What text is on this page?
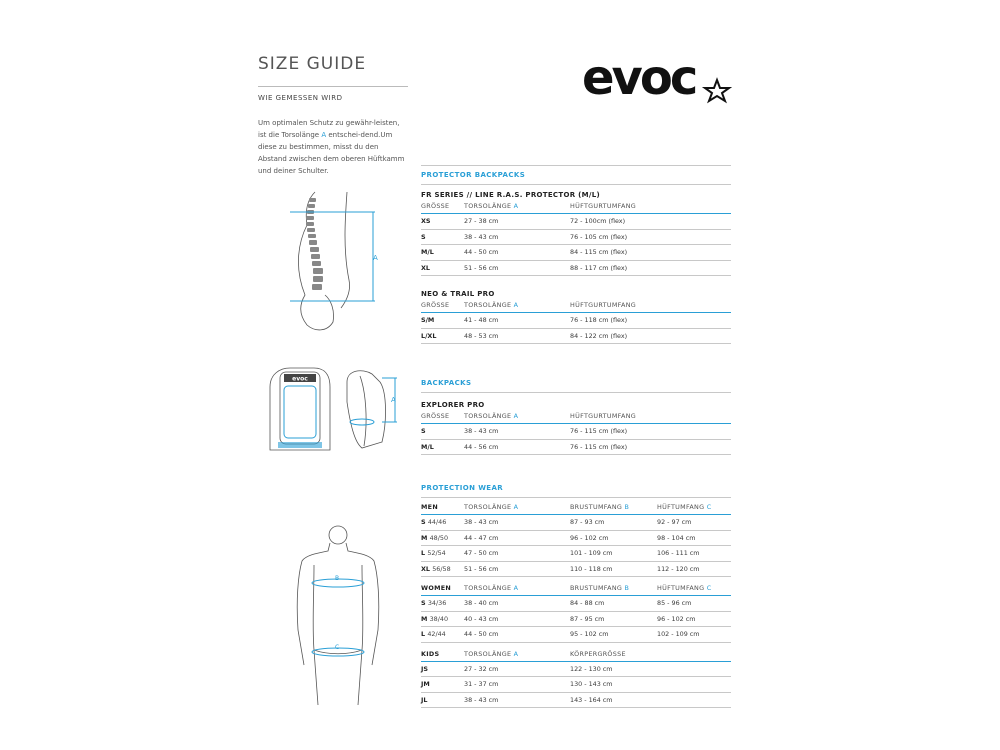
SIZE GUIDE
WIE GEMESSEN WIRD
Um optimalen Schutz zu gewähr-leisten, ist die Torsolänge A entschei-dend.Um diese zu bestimmen, misst du den Abstand zwischen dem oberen Hüftkamm und deiner Schulter.
A
evoc
A
B
C
evoc
PROTECTOR BACKPACKS
FR SERIES // LINE R.A.S. PROTECTOR (M/L)
GRÖSSE	TORSOLÄNGE A	HÜFTGURTUMFANG
XS	27 - 38 cm	72 - 100cm (flex)
S	38 - 43 cm	76 - 105 cm (flex)
M/L	44 - 50 cm	84 - 115 cm (flex)
XL	51 - 56 cm	88 - 117 cm (flex)
NEO & TRAIL PRO
GRÖSSE	TORSOLÄNGE A	HÜFTGURTUMFANG
S/M	41 - 48 cm	76 - 118 cm (flex)
L/XL	48 - 53 cm	84 - 122 cm (flex)
BACKPACKS
EXPLORER PRO
GRÖSSE	TORSOLÄNGE A	HÜFTGURTUMFANG
S	38 - 43 cm	76 - 115 cm (flex)
M/L	44 - 56 cm	76 - 115 cm (flex)
PROTECTION WEAR
MEN	TORSOLÄNGE A	BRUSTUMFANG B	HÜFTUMFANG C
S 44/46	38 - 43 cm	87 - 93 cm	92 - 97 cm
M 48/50	44 - 47 cm	96 - 102 cm	98 - 104 cm
L 52/54	47 - 50 cm	101 - 109 cm	106 - 111 cm
XL 56/58	51 - 56 cm	110 - 118 cm	112 - 120 cm
WOMEN	TORSOLÄNGE A	BRUSTUMFANG B	HÜFTUMFANG C
S 34/36	38 - 40 cm	84 - 88 cm	85 - 96 cm
M 38/40	40 - 43 cm	87 - 95 cm	96 - 102 cm
L 42/44	44 - 50 cm	95 - 102 cm	102 - 109 cm
KIDS	TORSOLÄNGE A	KÖRPERGRÖSSE
JS	27 - 32 cm	122 - 130 cm
JM	31 - 37 cm	130 - 143 cm
JL	38 - 43 cm	143 - 164 cm
